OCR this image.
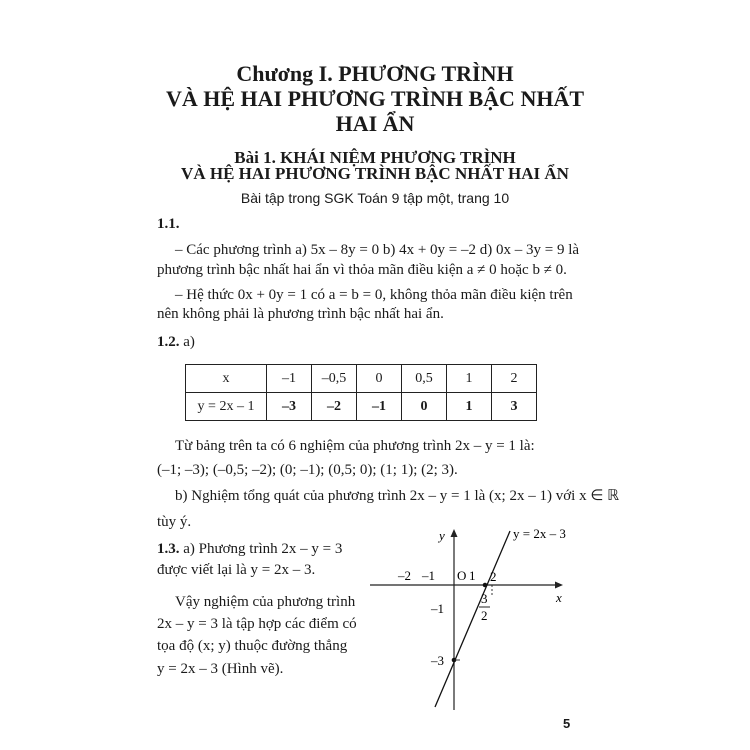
Chương I. PHƯƠNG TRÌNH
VÀ HỆ HAI PHƯƠNG TRÌNH BẬC NHẤT
HAI ẨN
Bài 1. KHÁI NIỆM PHƯƠNG TRÌNH
VÀ HỆ HAI PHƯƠNG TRÌNH BẬC NHẤT HAI ẨN
Bài tập trong SGK Toán 9 tập một, trang 10
1.1.
– Các phương trình a) 5x – 8y = 0 b) 4x + 0y = –2 d) 0x – 3y = 9 là
phương trình bậc nhất hai ẩn vì thỏa mãn điều kiện a ≠ 0 hoặc b ≠ 0.
– Hệ thức 0x + 0y = 1 có a = b = 0, không thỏa mãn điều kiện trên
nên không phải là phương trình bậc nhất hai ẩn.
1.2. a)
x	–1	–0,5	0	0,5	1	2
y = 2x – 1	–3	–2	–1	0	1	3
Từ bảng trên ta có 6 nghiệm của phương trình 2x – y = 1 là:
(–1; –3); (–0,5; –2); (0; –1); (0,5; 0); (1; 1); (2; 3).
b) Nghiệm tổng quát của phương trình 2x – y = 1 là (x; 2x – 1) với x ∈ ℝ
tùy ý.
1.3. a) Phương trình 2x – y = 3
được viết lại là y = 2x – 3.
Vậy nghiệm của phương trình
2x – y = 3 là tập hợp các điểm có
tọa độ (x; y) thuộc đường thẳng
y = 2x – 3 (Hình vẽ).
y = 2x – 3
y
x
O
–2 –1	1 2
–1
–3
3
2
5
